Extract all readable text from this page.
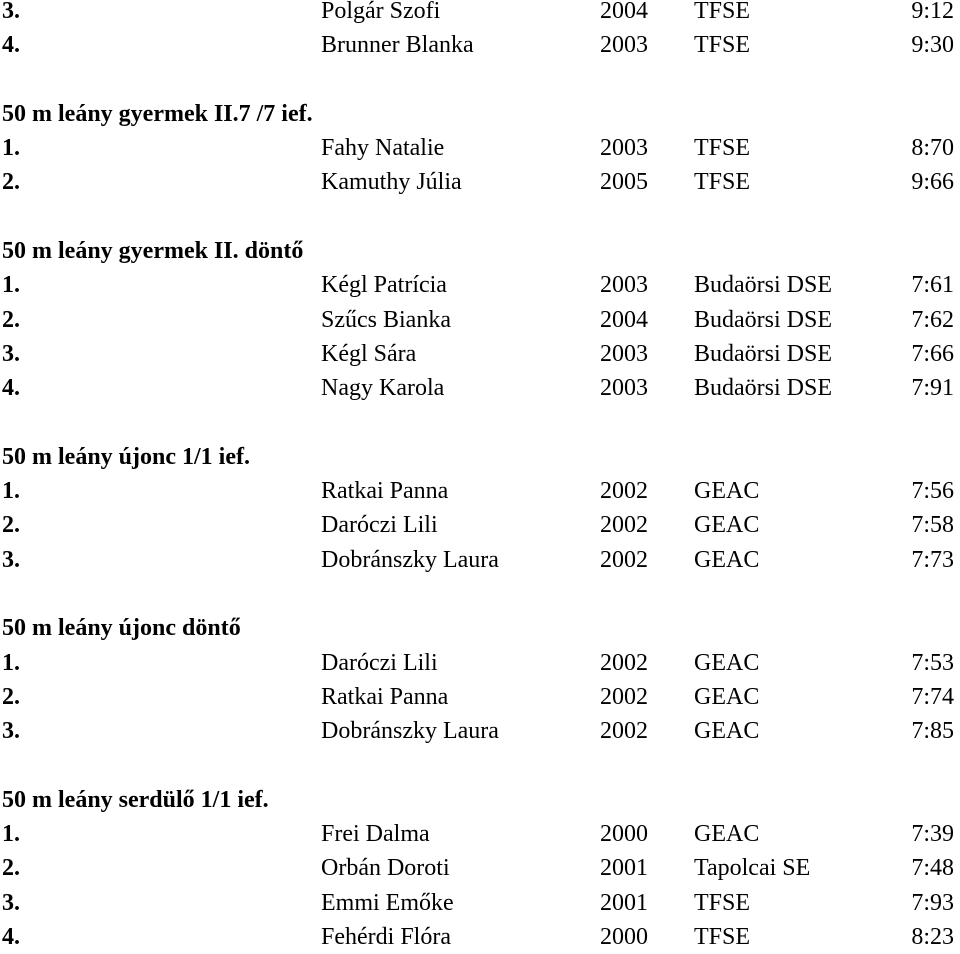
3.	Polgár Szofi	2004 TFSE	9:12
4.	Brunner Blanka	2003 TFSE	9:30
50 m leány gyermek II.7 /7 ief.
1.	Fahy Natalie	2003 TFSE	8:70
2.	Kamuthy Júlia	2005 TFSE	9:66
50 m leány gyermek II. döntő
1.	Kégl Patrícia	2003 Budaörsi DSE	7:61
2.	Szűcs Bianka	2004 Budaörsi DSE	7:62
3.	Kégl Sára	2003 Budaörsi DSE	7:66
4.	Nagy Karola	2003 Budaörsi DSE	7:91
50 m leány újonc 1/1 ief.
1.	Ratkai Panna	2002 GEAC	7:56
2.	Daróczi Lili	2002 GEAC	7:58
3.	Dobránszky Laura	2002 GEAC	7:73
50 m leány újonc döntő
1.	Daróczi Lili	2002 GEAC	7:53
2.	Ratkai Panna	2002 GEAC	7:74
3.	Dobránszky Laura	2002 GEAC	7:85
50 m leány serdülő 1/1 ief.
1.	Frei Dalma	2000 GEAC	7:39
2.	Orbán Doroti	2001 Tapolcai SE	7:48
3.	Emmi Emőke	2001 TFSE	7:93
4.	Fehérdi Flóra	2000 TFSE	8:23
